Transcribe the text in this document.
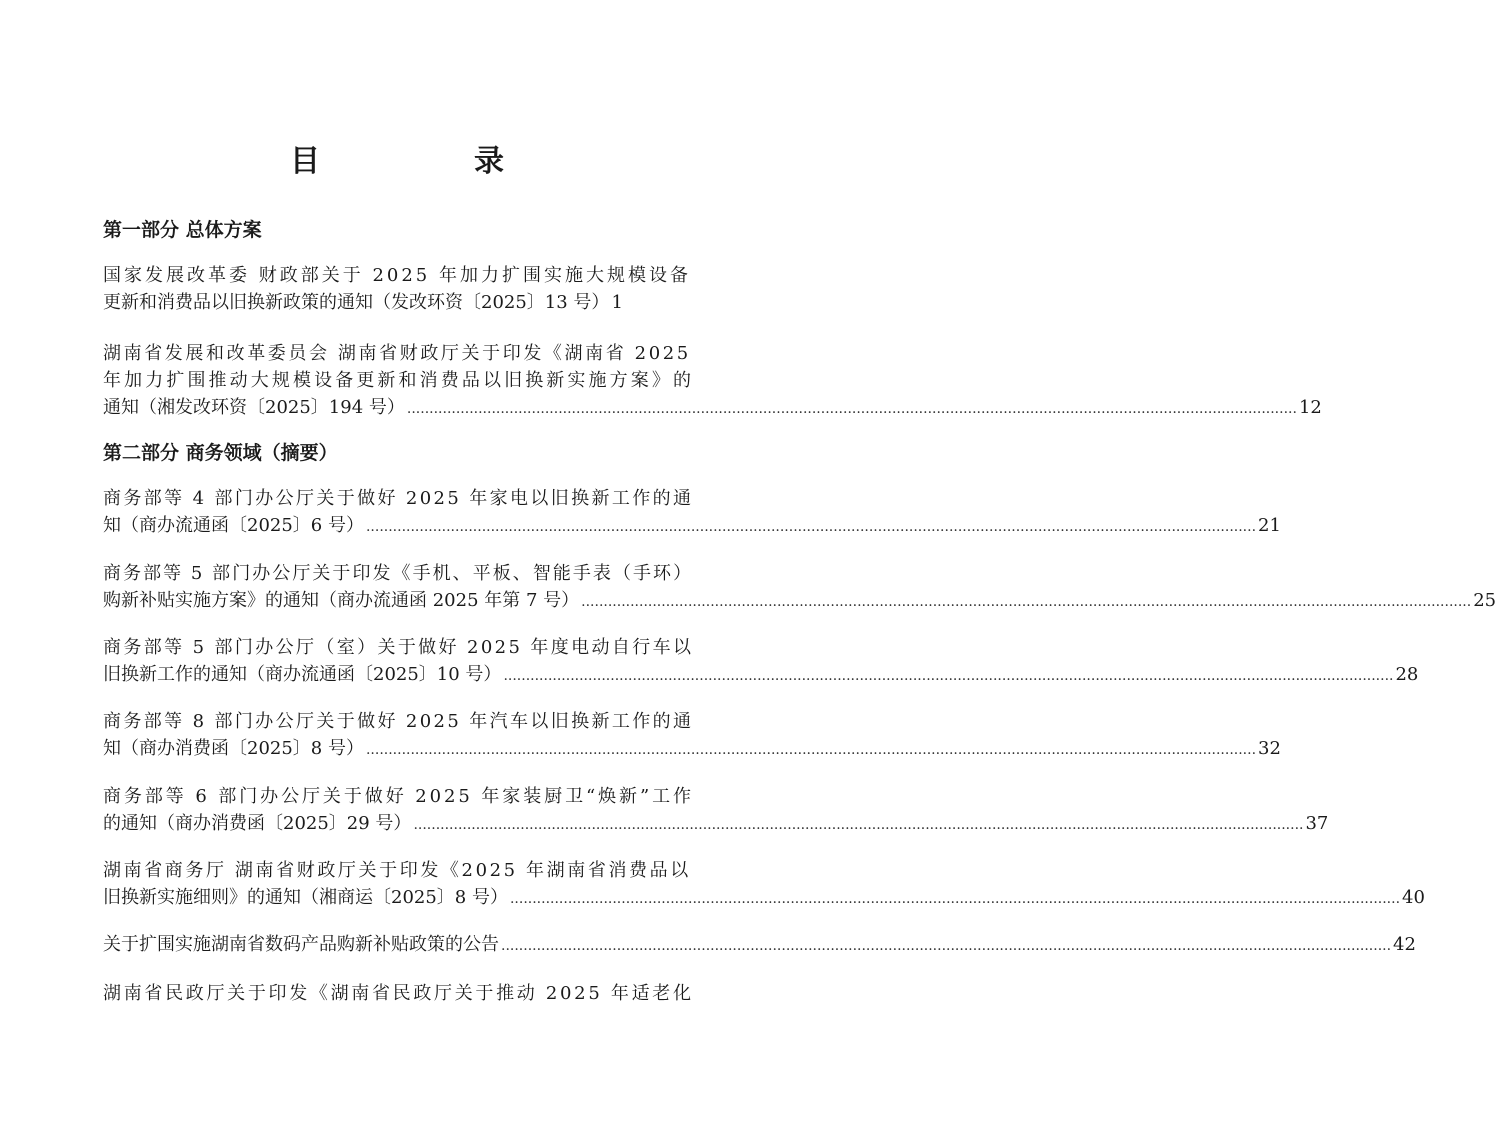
目　录
第一部分 总体方案
国家发展改革委 财政部关于 2025 年加力扩围实施大规模设备
更新和消费品以旧换新政策的通知（发改环资〔2025〕13 号） 1
湖南省发展和改革委员会 湖南省财政厅关于印发《湖南省 2025
年加力扩围推动大规模设备更新和消费品以旧换新实施方案》的
通知（湘发改环资〔2025〕194 号） ........................................................................................................................................................................................................ 12
第二部分 商务领域（摘要）
商务部等 4 部门办公厅关于做好 2025 年家电以旧换新工作的通
知（商办流通函〔2025〕6 号） ........................................................................................................................................................................................................ 21
商务部等 5 部门办公厅关于印发《手机、平板、智能手表（手环）
购新补贴实施方案》的通知（商办流通函 2025 年第 7 号） ........................................................................................................................................................................................................ 25
商务部等 5 部门办公厅（室）关于做好 2025 年度电动自行车以
旧换新工作的通知（商办流通函〔2025〕10 号） ........................................................................................................................................................................................................ 28
商务部等 8 部门办公厅关于做好 2025 年汽车以旧换新工作的通
知（商办消费函〔2025〕8 号） ........................................................................................................................................................................................................ 32
商务部等 6 部门办公厅关于做好 2025 年家装厨卫“焕新”工作
的通知（商办消费函〔2025〕29 号） ........................................................................................................................................................................................................ 37
湖南省商务厅 湖南省财政厅关于印发《2025 年湖南省消费品以
旧换新实施细则》的通知（湘商运〔2025〕8 号） ........................................................................................................................................................................................................ 40
关于扩围实施湖南省数码产品购新补贴政策的公告 ........................................................................................................................................................................................................ 42
湖南省民政厅关于印发《湖南省民政厅关于推动 2025 年适老化
